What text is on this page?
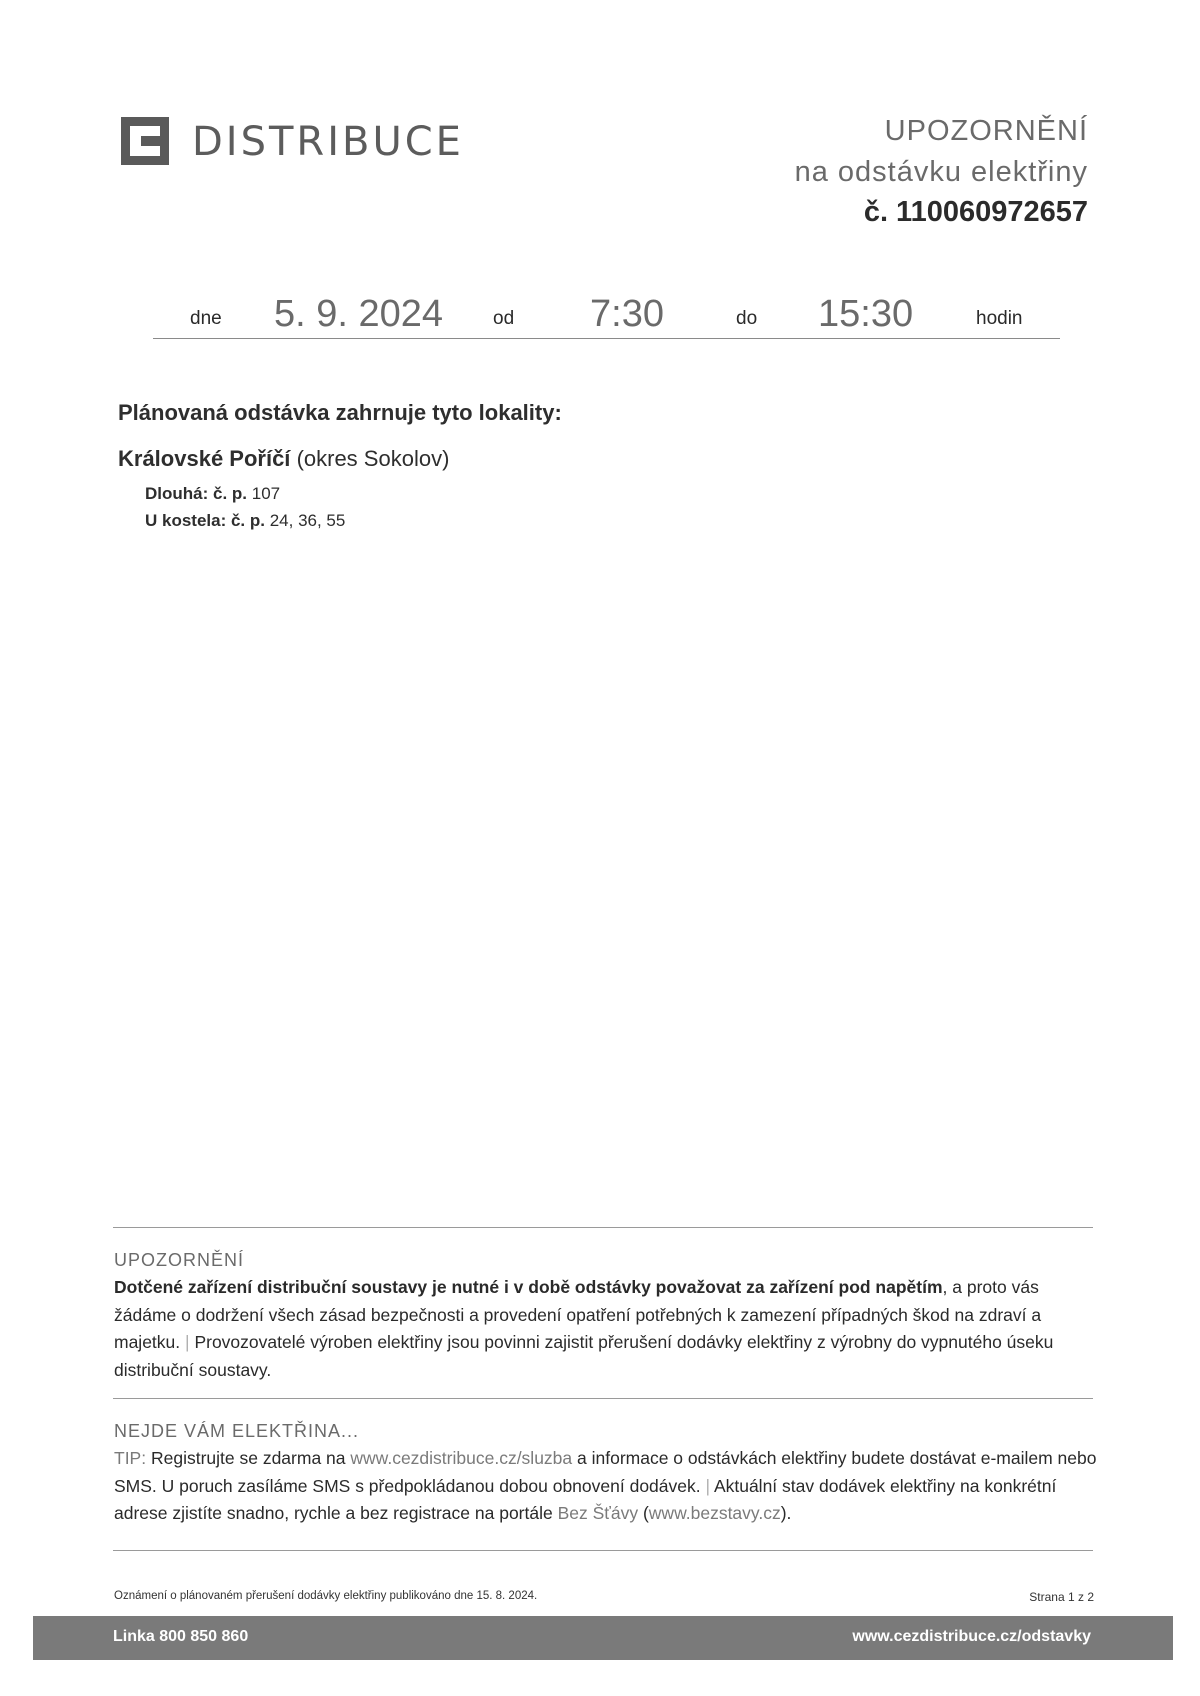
DISTRIBUCE	UPOZORNĚNÍ
na odstávku elektřiny
č. 110060972657
dne 5. 9. 2024	od 7:30	do 15:30	hodin
Plánovaná odstávka zahrnuje tyto lokality:
Královské Poříčí (okres Sokolov)
Dlouhá: č. p. 107
U kostela: č. p. 24, 36, 55
UPOZORNĚNÍ
Dotčené zařízení distribuční soustavy je nutné i v době odstávky považovat za zařízení pod napětím, a proto vás žádáme o dodržení všech zásad bezpečnosti a provedení opatření potřebných k zamezení případných škod na zdraví a majetku. | Provozovatelé výroben elektřiny jsou povinni zajistit přerušení dodávky elektřiny z výrobny do vypnutého úseku distribuční soustavy.
NEJDE VÁM ELEKTŘINA...
TIP: Registrujte se zdarma na www.cezdistribuce.cz/sluzba a informace o odstávkách elektřiny budete dostávat e-mailem nebo SMS. U poruch zasíláme SMS s předpokládanou dobou obnovení dodávek. | Aktuální stav dodávek elektřiny na konkrétní adrese zjistíte snadno, rychle a bez registrace na portále Bez Šťávy (www.bezstavy.cz).
Oznámení o plánovaném přerušení dodávky elektřiny publikováno dne 15. 8. 2024.	Strana 1 z 2
Linka 800 850 860	www.cezdistribuce.cz/odstavky
